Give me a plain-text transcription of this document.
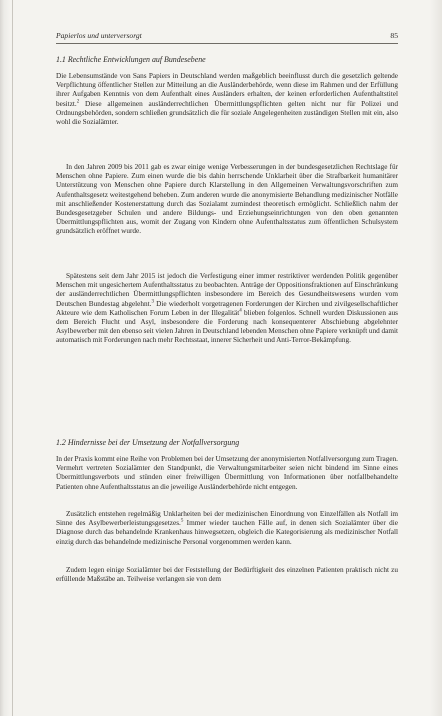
Papierlos und unterversorgt	85
1.1 Rechtliche Entwicklungen auf Bundesebene

Die Lebensumstände von Sans Papiers in Deutschland werden maßgeblich beeinflusst durch die gesetzlich geltende Verpflichtung öffentlicher Stellen zur Mitteilung an die Ausländerbehörde, wenn diese im Rahmen und der Erfüllung ihrer Aufgaben Kenntnis von dem Aufenthalt eines Ausländers erhalten, der keinen erforderlichen Aufenthaltstitel besitzt.$^2$ Diese allgemeinen ausländerrechtlichen Übermittlungspflichten gelten nicht nur für Polizei und Ordnungsbehörden, sondern schließen grundsätzlich die für soziale Angelegenheiten zuständigen Stellen mit ein, also wohl die Sozialämter.

In den Jahren 2009 bis 2011 gab es zwar einige wenige Verbesserungen in der bundesgesetzlichen Rechtslage für Menschen ohne Papiere. Zum einen wurde die bis dahin herrschende Unklarheit über die Strafbarkeit humanitärer Unterstützung von Menschen ohne Papiere durch Klarstellung in den Allgemeinen Verwaltungsvorschriften zum Aufenthaltsgesetz weitestgehend beheben. Zum anderen wurde die anonymisierte Behandlung medizinischer Notfälle mit anschließender Kostenerstattung durch das Sozialamt zumindest theoretisch ermöglicht. Schließlich nahm der Bundesgesetzgeber Schulen und andere Bildungs- und Erziehungseinrichtungen von den oben genannten Übermittlungspflichten aus, womit der Zugang von Kindern ohne Aufenthaltsstatus zum öffentlichen Schulsystem grundsätzlich eröffnet wurde.

Spätestens seit dem Jahr 2015 ist jedoch die Verfestigung einer immer restriktiver werdenden Politik gegenüber Menschen mit ungesichertem Aufenthaltsstatus zu beobachten. Anträge der Oppositionsfraktionen auf Einschränkung der ausländerrechtlichen Übermittlungspflichten insbesondere im Bereich des Gesundheitswesens wurden vom Deutschen Bundestag abgelehnt.$^3$ Die wiederholt vorgetragenen Forderungen der Kirchen und zivilgesellschaftlicher Akteure wie dem Katholischen Forum Leben in der Illegalität$^4$ blieben folgenlos. Schnell wurden Diskussionen aus dem Bereich Flucht und Asyl, insbesondere die Forderung nach konsequenterer Abschiebung abgelehnter Asylbewerber mit den ebenso seit vielen Jahren in Deutschland lebenden Menschen ohne Papiere verknüpft und damit automatisch mit Forderungen nach mehr Rechtsstaat, innerer Sicherheit und Anti-Terror-Bekämpfung.

1.2 Hindernisse bei der Umsetzung der Notfallversorgung

In der Praxis kommt eine Reihe von Problemen bei der Umsetzung der anonymisierten Notfallversorgung zum Tragen. Vermehrt vertreten Sozialämter den Standpunkt, die Verwaltungsmitarbeiter seien nicht bindend im Sinne eines Übermittlungsverbots und stünden einer freiwilligen Übermittlung von Informationen über notfallbehandelte Patienten ohne Aufenthaltsstatus an die jeweilige Ausländerbehörde nicht entgegen.

Zusätzlich entstehen regelmäßig Unklarheiten bei der medizinischen Einordnung von Einzelfällen als Notfall im Sinne des Asylbewerberleistungsgesetzes.$^5$ Immer wieder tauchen Fälle auf, in denen sich Sozialämter über die Diagnose durch das behandelnde Krankenhaus hinwegsetzen, obgleich die Kategorisierung als medizinischer Notfall einzig durch das behandelnde medizinische Personal vorgenommen werden kann.

Zudem legen einige Sozialämter bei der Feststellung der Bedürftigkeit des einzelnen Patienten praktisch nicht zu erfüllende Maßstäbe an. Teilweise verlangen sie von dem
